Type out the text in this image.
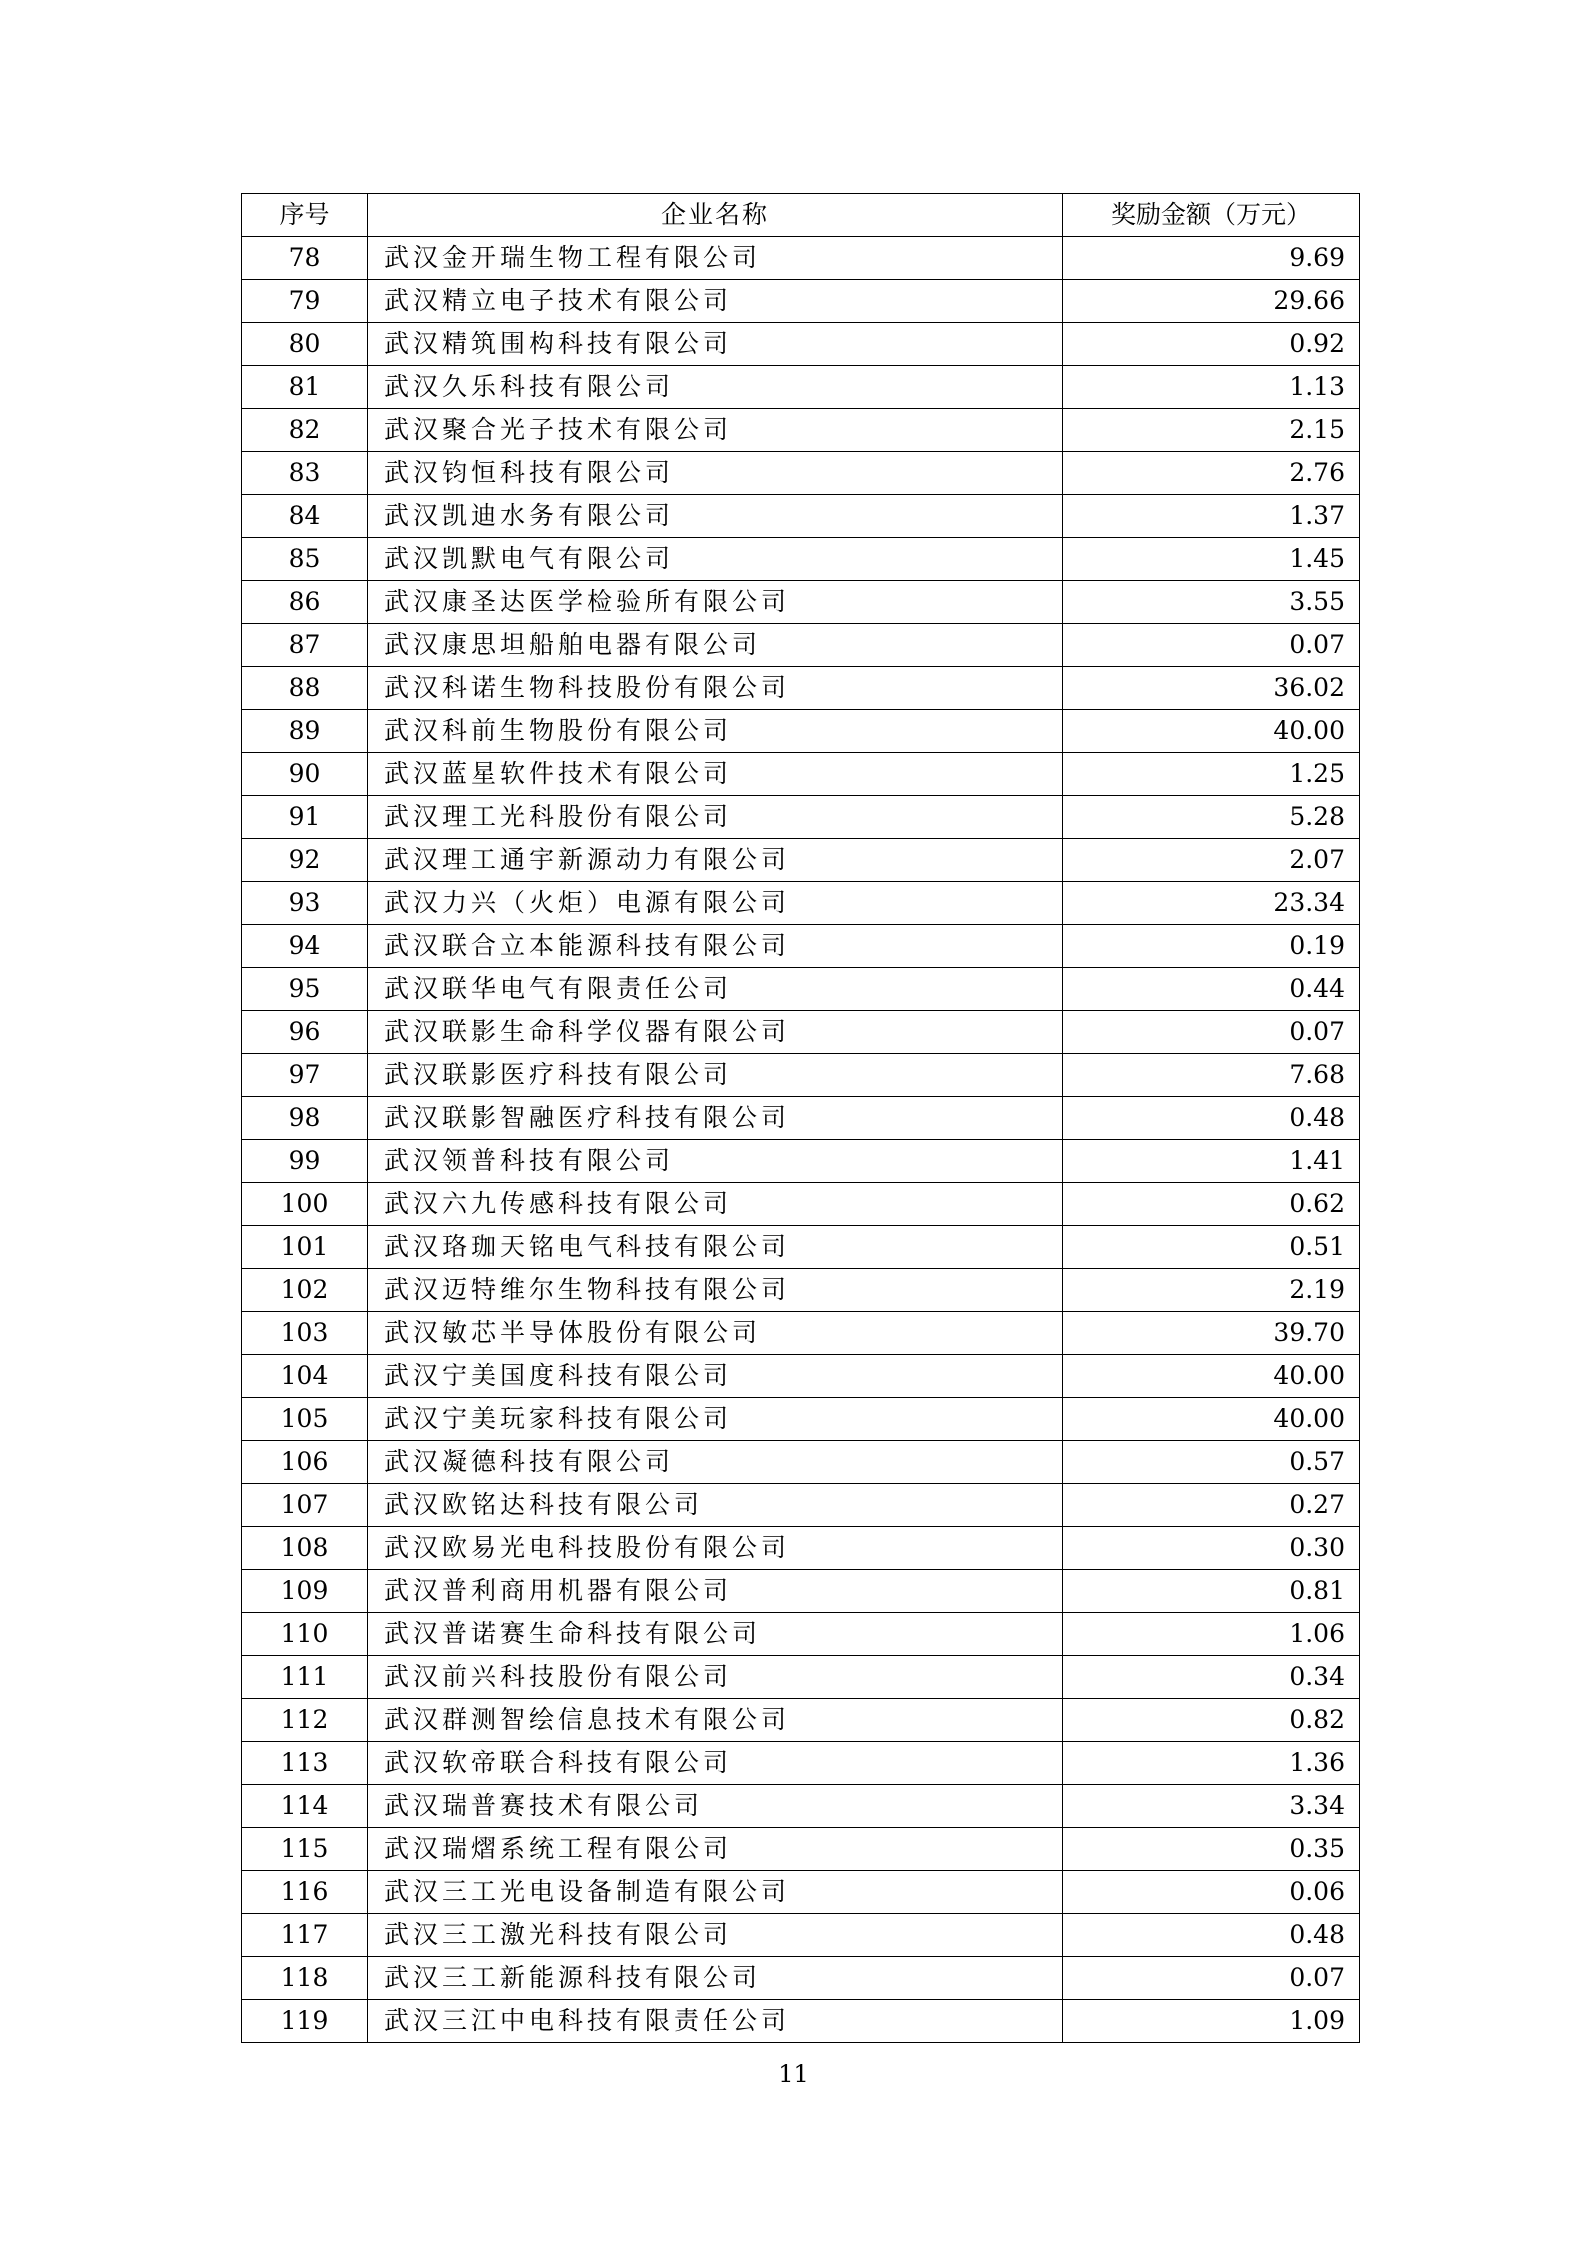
序号	企业名称	奖励金额（万元）
78	武汉金开瑞生物工程有限公司	9.69
79	武汉精立电子技术有限公司	29.66
80	武汉精筑围构科技有限公司	0.92
81	武汉久乐科技有限公司	1.13
82	武汉聚合光子技术有限公司	2.15
83	武汉钧恒科技有限公司	2.76
84	武汉凯迪水务有限公司	1.37
85	武汉凯默电气有限公司	1.45
86	武汉康圣达医学检验所有限公司	3.55
87	武汉康思坦船舶电器有限公司	0.07
88	武汉科诺生物科技股份有限公司	36.02
89	武汉科前生物股份有限公司	40.00
90	武汉蓝星软件技术有限公司	1.25
91	武汉理工光科股份有限公司	5.28
92	武汉理工通宇新源动力有限公司	2.07
93	武汉力兴（火炬）电源有限公司	23.34
94	武汉联合立本能源科技有限公司	0.19
95	武汉联华电气有限责任公司	0.44
96	武汉联影生命科学仪器有限公司	0.07
97	武汉联影医疗科技有限公司	7.68
98	武汉联影智融医疗科技有限公司	0.48
99	武汉领普科技有限公司	1.41
100	武汉六九传感科技有限公司	0.62
101	武汉珞珈天铭电气科技有限公司	0.51
102	武汉迈特维尔生物科技有限公司	2.19
103	武汉敏芯半导体股份有限公司	39.70
104	武汉宁美国度科技有限公司	40.00
105	武汉宁美玩家科技有限公司	40.00
106	武汉凝德科技有限公司	0.57
107	武汉欧铭达科技有限公司	0.27
108	武汉欧易光电科技股份有限公司	0.30
109	武汉普利商用机器有限公司	0.81
110	武汉普诺赛生命科技有限公司	1.06
111	武汉前兴科技股份有限公司	0.34
112	武汉群测智绘信息技术有限公司	0.82
113	武汉软帝联合科技有限公司	1.36
114	武汉瑞普赛技术有限公司	3.34
115	武汉瑞熠系统工程有限公司	0.35
116	武汉三工光电设备制造有限公司	0.06
117	武汉三工激光科技有限公司	0.48
118	武汉三工新能源科技有限公司	0.07
119	武汉三江中电科技有限责任公司	1.09
11
